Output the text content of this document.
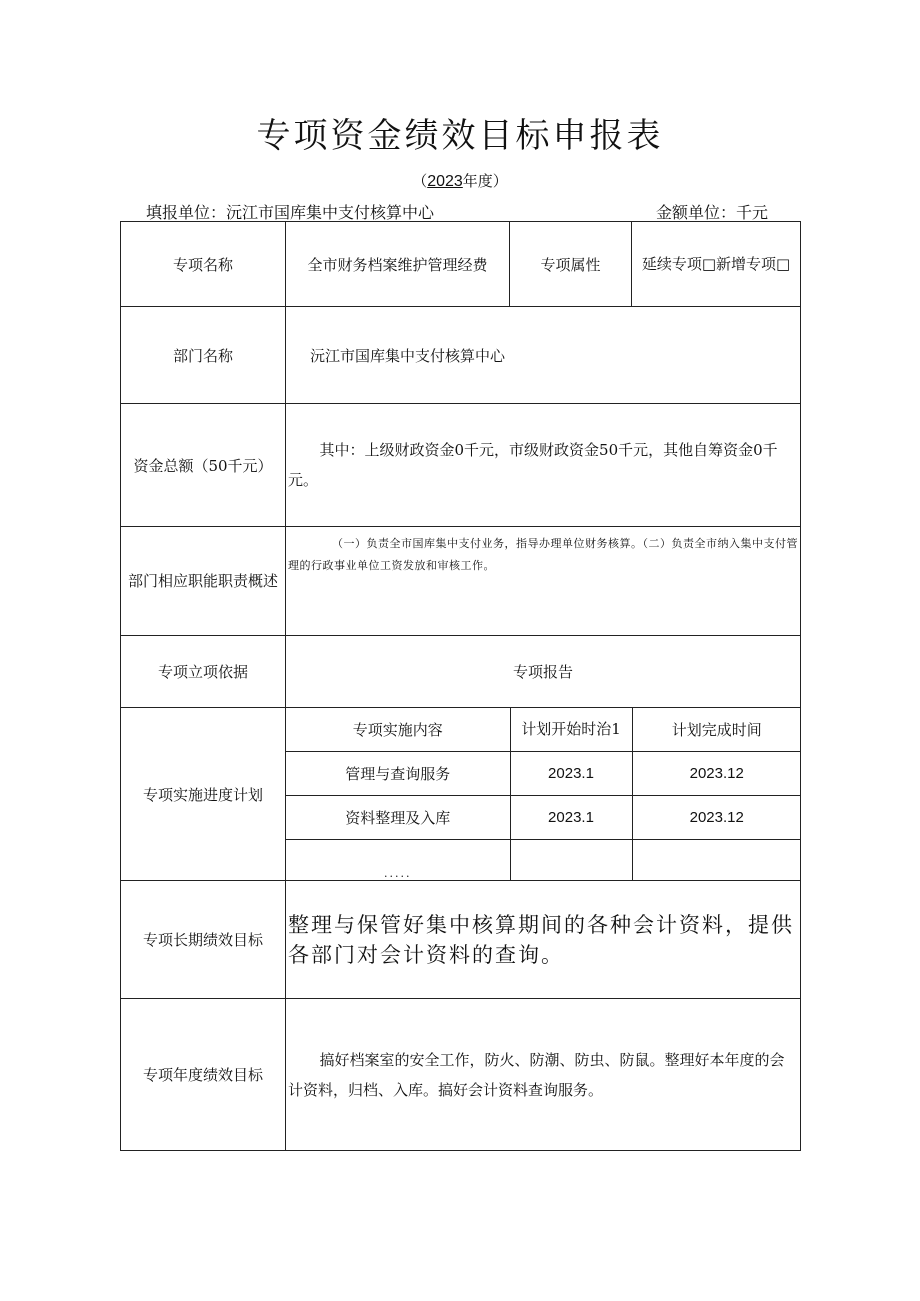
专项资金绩效目标申报表
（2023年度）
填报单位：沅江市国库集中支付核算中心	金额单位：千元
专项名称	全市财务档案维护管理经费	专项属性	延续专项□新增专项□
部门名称	沅江市国库集中支付核算中心
资金总额（50千元）	其中：上级财政资金0千元，市级财政资金50千元，其他自筹资金0千元。
部门相应职能职责概述	（一）负责全市国库集中支付业务，指导办理单位财务核算。（二）负责全市纳入集中支付管理的行政事业单位工资发放和审核工作。
专项立项依据	专项报告
专项实施进度计划	
专项实施内容	计划开始时治1	计划完成时间
管理与查询服务	2023.1	2023.12
资料整理及入库	2023.1	2023.12
.....		

专项长期绩效目标	整理与保管好集中核算期间的各种会计资料，提供各部门对会计资料的查询。
专项年度绩效目标	搞好档案室的安全工作，防火、防潮、防虫、防鼠。整理好本年度的会计资料，归档、入库。搞好会计资料查询服务。
